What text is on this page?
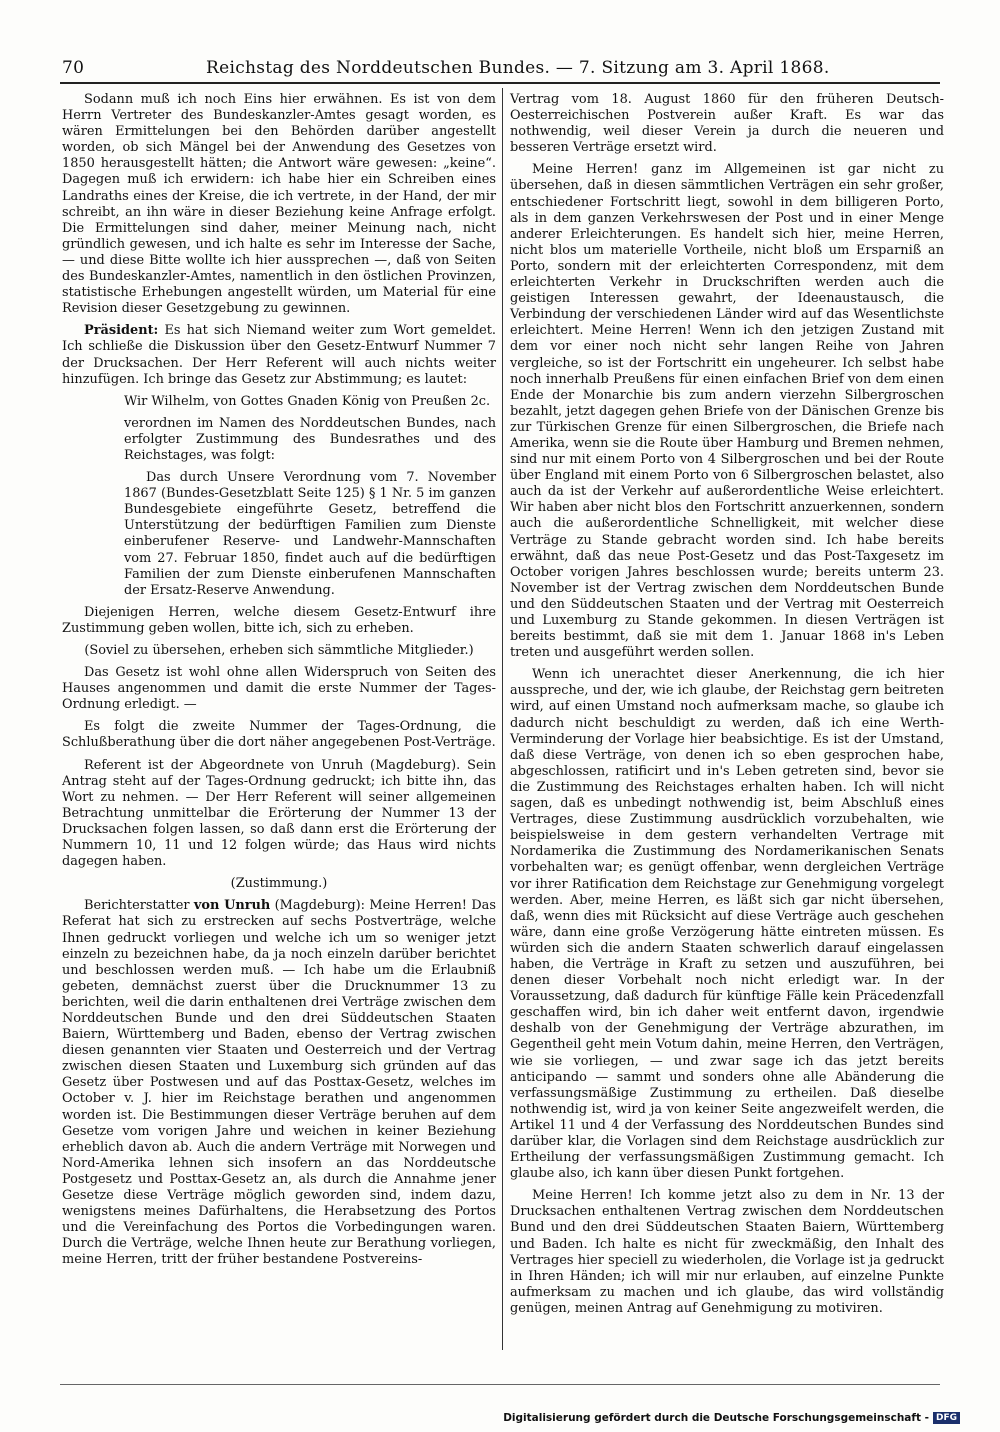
70	Reichstag des Norddeutschen Bundes. — 7. Sitzung am 3. April 1868.

Sodann muß ich noch Eins hier erwähnen. Es ist von dem Herrn Vertreter des Bundeskanzler-Amtes gesagt worden, es wären Ermittelungen bei den Behörden darüber angestellt worden, ob sich Mängel bei der Anwendung des Gesetzes von 1850 herausgestellt hätten; die Antwort wäre gewesen: „keine“. Dagegen muß ich erwidern: ich habe hier ein Schreiben eines Landraths eines der Kreise, die ich vertrete, in der Hand, der mir schreibt, an ihn wäre in dieser Beziehung keine Anfrage erfolgt. Die Ermittelungen sind daher, meiner Meinung nach, nicht gründlich gewesen, und ich halte es sehr im Interesse der Sache, — und diese Bitte wollte ich hier aussprechen —, daß von Seiten des Bundeskanzler-Amtes, namentlich in den östlichen Provinzen, statistische Erhebungen angestellt würden, um Material für eine Revision dieser Gesetzgebung zu gewinnen.

Präsident: Es hat sich Niemand weiter zum Wort gemeldet. Ich schließe die Diskussion über den Gesetz-Entwurf Nummer 7 der Drucksachen. Der Herr Referent will auch nichts weiter hinzufügen. Ich bringe das Gesetz zur Abstimmung; es lautet:

Wir Wilhelm, von Gottes Gnaden König von Preußen 2c.

verordnen im Namen des Norddeutschen Bundes, nach erfolgter Zustimmung des Bundesrathes und des Reichstages, was folgt:

Das durch Unsere Verordnung vom 7. November 1867 (Bundes-Gesetzblatt Seite 125) § 1 Nr. 5 im ganzen Bundesgebiete eingeführte Gesetz, betreffend die Unterstützung der bedürftigen Familien zum Dienste einberufener Reserve- und Landwehr-Mannschaften vom 27. Februar 1850, findet auch auf die bedürftigen Familien der zum Dienste einberufenen Mannschaften der Ersatz-Reserve Anwendung.

Diejenigen Herren, welche diesem Gesetz-Entwurf ihre Zustimmung geben wollen, bitte ich, sich zu erheben.

(Soviel zu übersehen, erheben sich sämmtliche Mitglieder.)

Das Gesetz ist wohl ohne allen Widerspruch von Seiten des Hauses angenommen und damit die erste Nummer der Tages-Ordnung erledigt. —

Es folgt die zweite Nummer der Tages-Ordnung, die Schlußberathung über die dort näher angegebenen Post-Verträge.

Referent ist der Abgeordnete von Unruh (Magdeburg). Sein Antrag steht auf der Tages-Ordnung gedruckt; ich bitte ihn, das Wort zu nehmen. — Der Herr Referent will seiner allgemeinen Betrachtung unmittelbar die Erörterung der Nummer 13 der Drucksachen folgen lassen, so daß dann erst die Erörterung der Nummern 10, 11 und 12 folgen würde; das Haus wird nichts dagegen haben.

(Zustimmung.)

Berichterstatter von Unruh (Magdeburg): Meine Herren! Das Referat hat sich zu erstrecken auf sechs Postverträge, welche Ihnen gedruckt vorliegen und welche ich um so weniger jetzt einzeln zu bezeichnen habe, da ja noch einzeln darüber berichtet und beschlossen werden muß. — Ich habe um die Erlaubniß gebeten, demnächst zuerst über die Drucknummer 13 zu berichten, weil die darin enthaltenen drei Verträge zwischen dem Norddeutschen Bunde und den drei Süddeutschen Staaten Baiern, Württemberg und Baden, ebenso der Vertrag zwischen diesen genannten vier Staaten und Oesterreich und der Vertrag zwischen diesen Staaten und Luxemburg sich gründen auf das Gesetz über Postwesen und auf das Posttax-Gesetz, welches im October v. J. hier im Reichstage berathen und angenommen worden ist. Die Bestimmungen dieser Verträge beruhen auf dem Gesetze vom vorigen Jahre und weichen in keiner Beziehung erheblich davon ab. Auch die andern Verträge mit Norwegen und Nord-Amerika lehnen sich insofern an das Norddeutsche Postgesetz und Posttax-Gesetz an, als durch die Annahme jener Gesetze diese Verträge möglich geworden sind, indem dazu, wenigstens meines Dafürhaltens, die Herabsetzung des Portos und die Vereinfachung des Portos die Vorbedingungen waren. Durch die Verträge, welche Ihnen heute zur Berathung vorliegen, meine Herren, tritt der früher bestandene Postvereins-

Vertrag vom 18. August 1860 für den früheren Deutsch-Oesterreichischen Postverein außer Kraft. Es war das nothwendig, weil dieser Verein ja durch die neueren und besseren Verträge ersetzt wird.

Meine Herren! ganz im Allgemeinen ist gar nicht zu übersehen, daß in diesen sämmtlichen Verträgen ein sehr großer, entschiedener Fortschritt liegt, sowohl in dem billigeren Porto, als in dem ganzen Verkehrswesen der Post und in einer Menge anderer Erleichterungen. Es handelt sich hier, meine Herren, nicht blos um materielle Vortheile, nicht bloß um Ersparniß an Porto, sondern mit der erleichterten Correspondenz, mit dem erleichterten Verkehr in Druckschriften werden auch die geistigen Interessen gewahrt, der Ideenaustausch, die Verbindung der verschiedenen Länder wird auf das Wesentlichste erleichtert. Meine Herren! Wenn ich den jetzigen Zustand mit dem vor einer noch nicht sehr langen Reihe von Jahren vergleiche, so ist der Fortschritt ein ungeheurer. Ich selbst habe noch innerhalb Preußens für einen einfachen Brief von dem einen Ende der Monarchie bis zum andern vierzehn Silbergroschen bezahlt, jetzt dagegen gehen Briefe von der Dänischen Grenze bis zur Türkischen Grenze für einen Silbergroschen, die Briefe nach Amerika, wenn sie die Route über Hamburg und Bremen nehmen, sind nur mit einem Porto von 4 Silbergroschen und bei der Route über England mit einem Porto von 6 Silbergroschen belastet, also auch da ist der Verkehr auf außerordentliche Weise erleichtert. Wir haben aber nicht blos den Fortschritt anzuerkennen, sondern auch die außerordentliche Schnelligkeit, mit welcher diese Verträge zu Stande gebracht worden sind. Ich habe bereits erwähnt, daß das neue Post-Gesetz und das Post-Taxgesetz im October vorigen Jahres beschlossen wurde; bereits unterm 23. November ist der Vertrag zwischen dem Norddeutschen Bunde und den Süddeutschen Staaten und der Vertrag mit Oesterreich und Luxemburg zu Stande gekommen. In diesen Verträgen ist bereits bestimmt, daß sie mit dem 1. Januar 1868 in's Leben treten und ausgeführt werden sollen.

Wenn ich unerachtet dieser Anerkennung, die ich hier ausspreche, und der, wie ich glaube, der Reichstag gern beitreten wird, auf einen Umstand noch aufmerksam mache, so glaube ich dadurch nicht beschuldigt zu werden, daß ich eine Werth-Verminderung der Vorlage hier beabsichtige. Es ist der Umstand, daß diese Verträge, von denen ich so eben gesprochen habe, abgeschlossen, ratificirt und in's Leben getreten sind, bevor sie die Zustimmung des Reichstages erhalten haben. Ich will nicht sagen, daß es unbedingt nothwendig ist, beim Abschluß eines Vertrages, diese Zustimmung ausdrücklich vorzubehalten, wie beispielsweise in dem gestern verhandelten Vertrage mit Nordamerika die Zustimmung des Nordamerikanischen Senats vorbehalten war; es genügt offenbar, wenn dergleichen Verträge vor ihrer Ratification dem Reichstage zur Genehmigung vorgelegt werden. Aber, meine Herren, es läßt sich gar nicht übersehen, daß, wenn dies mit Rücksicht auf diese Verträge auch geschehen wäre, dann eine große Verzögerung hätte eintreten müssen. Es würden sich die andern Staaten schwerlich darauf eingelassen haben, die Verträge in Kraft zu setzen und auszuführen, bei denen dieser Vorbehalt noch nicht erledigt war. In der Voraussetzung, daß dadurch für künftige Fälle kein Präcedenzfall geschaffen wird, bin ich daher weit entfernt davon, irgendwie deshalb von der Genehmigung der Verträge abzurathen, im Gegentheil geht mein Votum dahin, meine Herren, den Verträgen, wie sie vorliegen, — und zwar sage ich das jetzt bereits anticipando — sammt und sonders ohne alle Abänderung die verfassungsmäßige Zustimmung zu ertheilen. Daß dieselbe nothwendig ist, wird ja von keiner Seite angezweifelt werden, die Artikel 11 und 4 der Verfassung des Norddeutschen Bundes sind darüber klar, die Vorlagen sind dem Reichstage ausdrücklich zur Ertheilung der verfassungsmäßigen Zustimmung gemacht. Ich glaube also, ich kann über diesen Punkt fortgehen.

Meine Herren! Ich komme jetzt also zu dem in Nr. 13 der Drucksachen enthaltenen Vertrag zwischen dem Norddeutschen Bund und den drei Süddeutschen Staaten Baiern, Württemberg und Baden. Ich halte es nicht für zweckmäßig, den Inhalt des Vertrages hier speciell zu wiederholen, die Vorlage ist ja gedruckt in Ihren Händen; ich will mir nur erlauben, auf einzelne Punkte aufmerksam zu machen und ich glaube, das wird vollständig genügen, meinen Antrag auf Genehmigung zu motiviren.

Digitalisierung gefördert durch die Deutsche Forschungsgemeinschaft - DFG
